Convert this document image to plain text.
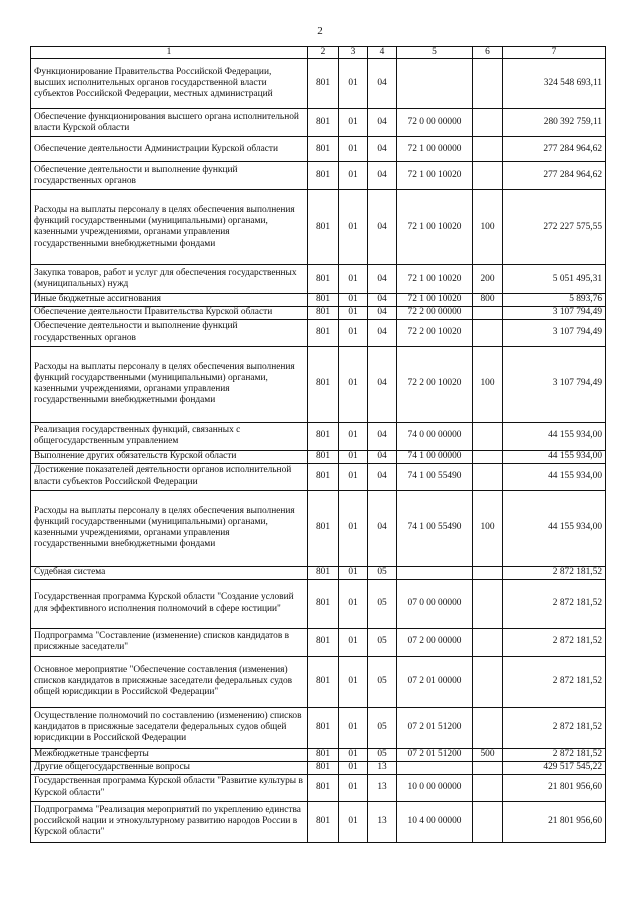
2
1	2	3	4	5	6	7
Функционирование Правительства Российской Федерации, высших исполнительных органов государственной власти субъектов Российской Федерации, местных администраций	801	01	04			324 548 693,11
Обеспечение функционирования высшего органа исполнительной власти Курской области	801	01	04	72 0 00 00000		280 392 759,11
Обеспечение деятельности Администрации Курской области	801	01	04	72 1 00 00000		277 284 964,62
Обеспечение деятельности и выполнение функций государственных органов	801	01	04	72 1 00 10020		277 284 964,62
Расходы на выплаты персоналу в целях обеспечения выполнения функций государственными (муниципальными) органами, казенными учреждениями, органами управления государственными внебюджетными фондами	801	01	04	72 1 00 10020	100	272 227 575,55
Закупка товаров, работ и услуг для обеспечения государственных (муниципальных) нужд	801	01	04	72 1 00 10020	200	5 051 495,31
Иные бюджетные ассигнования	801	01	04	72 1 00 10020	800	5 893,76
Обеспечение деятельности Правительства Курской области	801	01	04	72 2 00 00000		3 107 794,49
Обеспечение деятельности и выполнение функций государственных органов	801	01	04	72 2 00 10020		3 107 794,49
Расходы на выплаты персоналу в целях обеспечения выполнения функций государственными (муниципальными) органами, казенными учреждениями, органами управления государственными внебюджетными фондами	801	01	04	72 2 00 10020	100	3 107 794,49
Реализация государственных функций, связанных с общегосударственным управлением	801	01	04	74 0 00 00000		44 155 934,00
Выполнение других обязательств Курской области	801	01	04	74 1 00 00000		44 155 934,00
Достижение показателей деятельности органов исполнительной власти субъектов Российской Федерации	801	01	04	74 1 00 55490		44 155 934,00
Расходы на выплаты персоналу в целях обеспечения выполнения функций государственными (муниципальными) органами, казенными учреждениями, органами управления государственными внебюджетными фондами	801	01	04	74 1 00 55490	100	44 155 934,00
Судебная система	801	01	05			2 872 181,52
Государственная программа Курской области "Создание условий для эффективного исполнения полномочий в сфере юстиции"	801	01	05	07 0 00 00000		2 872 181,52
Подпрограмма "Составление (изменение) списков кандидатов в присяжные заседатели"	801	01	05	07 2 00 00000		2 872 181,52
Основное мероприятие "Обеспечение составления (изменения) списков кандидатов в присяжные заседатели федеральных судов общей юрисдикции в Российской Федерации"	801	01	05	07 2 01 00000		2 872 181,52
Осуществление полномочий по составлению (изменению) списков кандидатов в присяжные заседатели федеральных судов общей юрисдикции в Российской Федерации	801	01	05	07 2 01 51200		2 872 181,52
Межбюджетные трансферты	801	01	05	07 2 01 51200	500	2 872 181,52
Другие общегосударственные вопросы	801	01	13			429 517 545,22
Государственная программа Курской области "Развитие культуры в Курской области"	801	01	13	10 0 00 00000		21 801 956,60
Подпрограмма "Реализация мероприятий по укреплению единства российской нации и этнокультурному развитию народов России в Курской области"	801	01	13	10 4 00 00000		21 801 956,60
